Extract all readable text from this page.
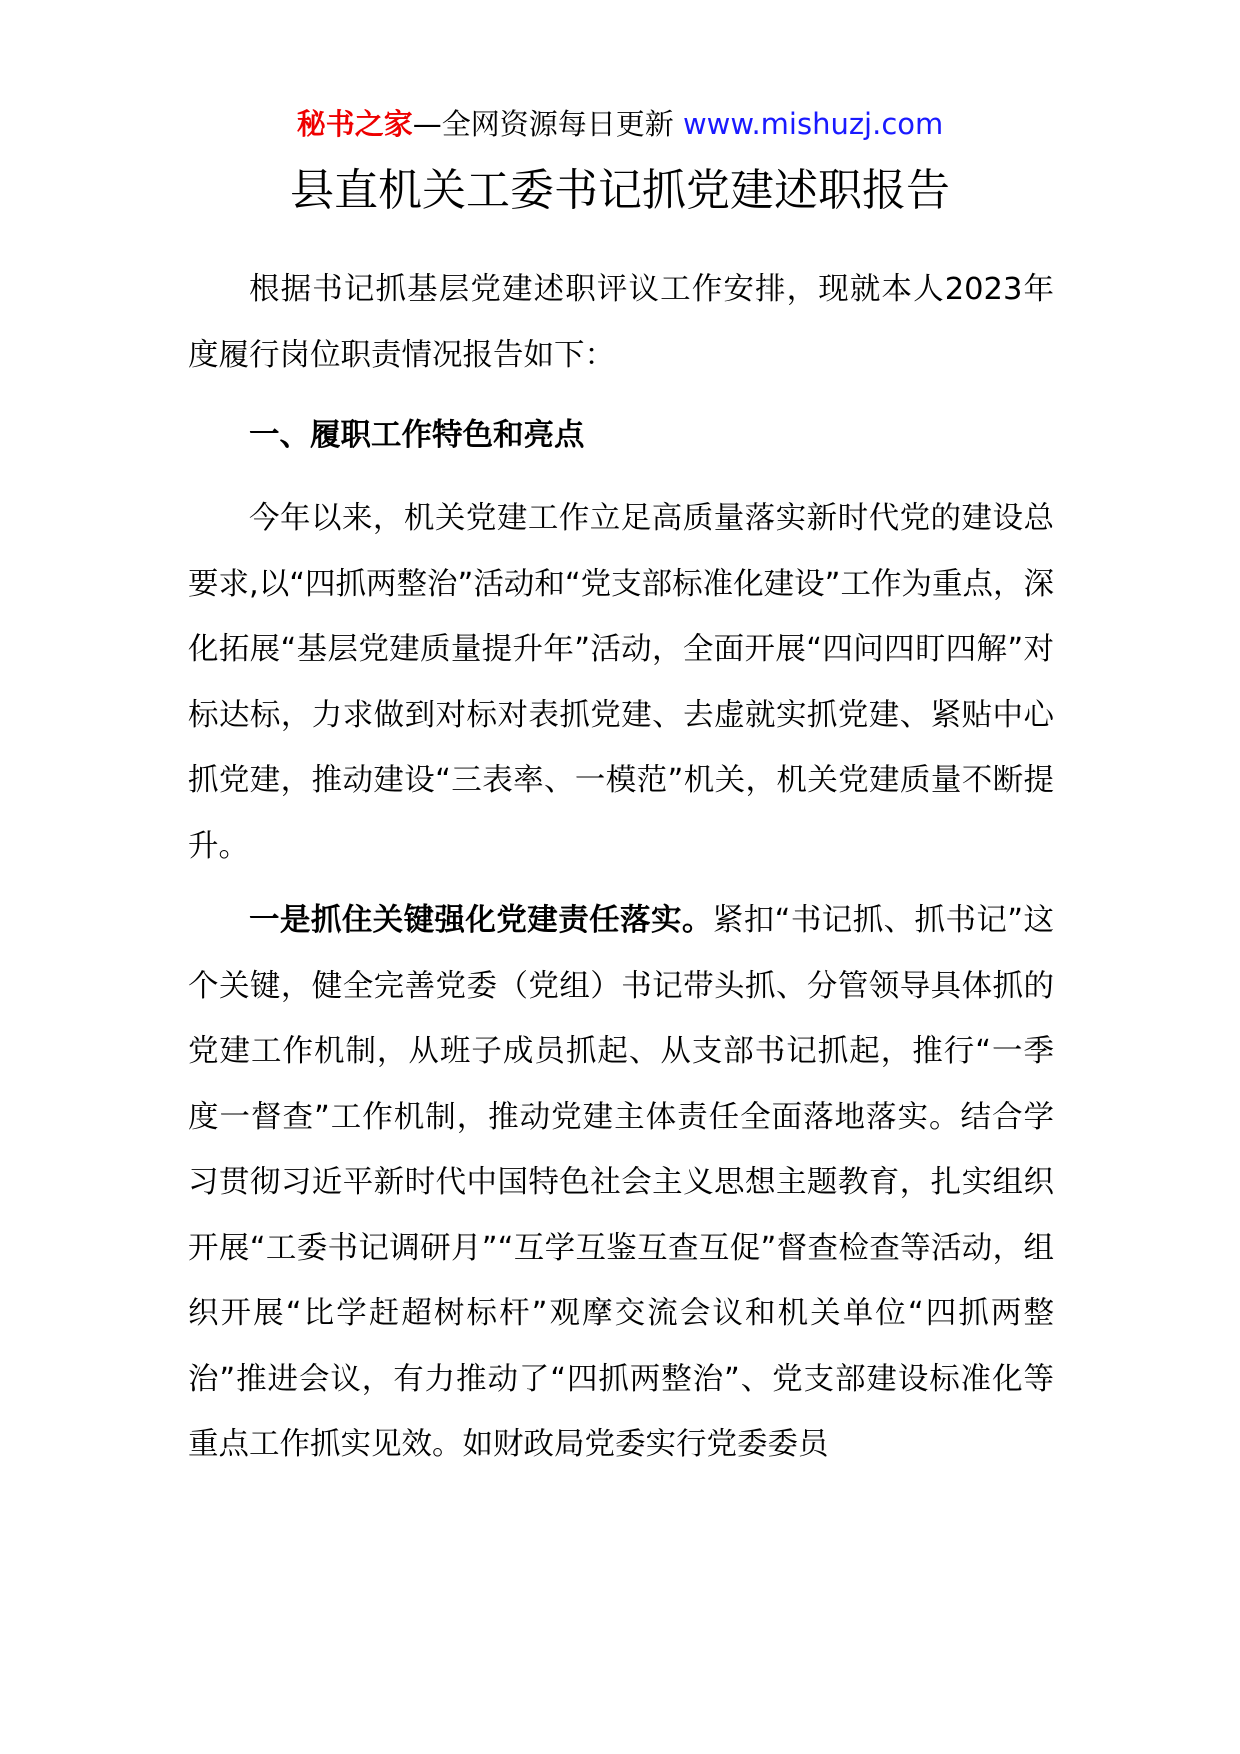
秘书之家—全网资源每日更新 www.mishuzj.com
县直机关工委书记抓党建述职报告

根据书记抓基层党建述职评议工作安排，现就本人2023年度履行岗位职责情况报告如下：

一、履职工作特色和亮点

今年以来，机关党建工作立足高质量落实新时代党的建设总要求,以“四抓两整治”活动和“党支部标准化建设”工作为重点，深化拓展“基层党建质量提升年”活动，全面开展“四问四盯四解”对标达标，力求做到对标对表抓党建、去虚就实抓党建、紧贴中心抓党建，推动建设“三表率、一模范”机关，机关党建质量不断提升。

一是抓住关键强化党建责任落实。紧扣“书记抓、抓书记”这个关键，健全完善党委（党组）书记带头抓、分管领导具体抓的党建工作机制，从班子成员抓起、从支部书记抓起，推行“一季度一督查”工作机制，推动党建主体责任全面落地落实。结合学习贯彻习近平新时代中国特色社会主义思想主题教育，扎实组织开展“工委书记调研月”“互学互鉴互查互促”督查检查等活动，组织开展“比学赶超树标杆”观摩交流会议和机关单位“四抓两整治”推进会议，有力推动了“四抓两整治”、党支部建设标准化等重点工作抓实见效。如财政局党委实行党委委员
